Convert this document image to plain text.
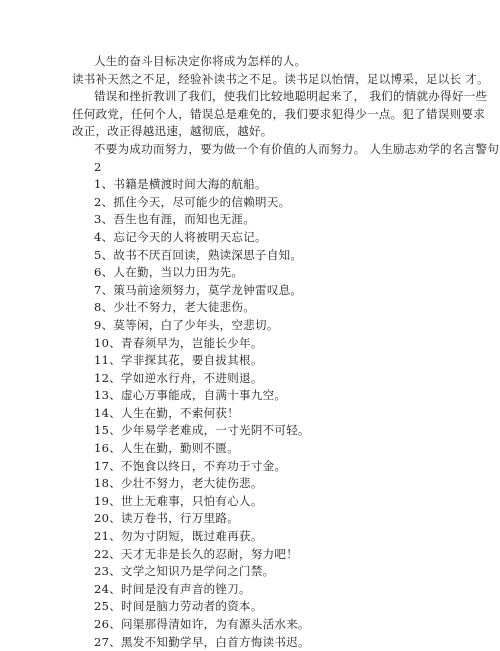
人生的奋斗目标决定你将成为怎样的人。
读书补天然之不足，经验补读书之不足。读书足以怡情，足以博采，足以长 才。
错误和挫折教训了我们，使我们比较地聪明起来了， 我们的情就办得好一些
任何政党，任何个人，错误总是难免的，我们要求犯得少一点。犯了错误则要求
改正，改正得越迅速，越彻底，越好。
不要为成功而努力，要为做一个有价值的人而努力。 人生励志劝学的名言警句
2
1、书籍是横渡时间大海的航船。
2、抓住今天，尽可能少的信赖明天。
3、吾生也有涯，而知也无涯。
4、忘记今天的人将被明天忘记。
5、故书不厌百回读，熟读深思子自知。
6、人在勤，当以力田为先。
7、策马前途须努力，莫学龙钟雷叹息。
8、少壮不努力，老大徒悲伤。
9、莫等闲，白了少年头，空悲切。
10、青春须早为，岂能长少年。
11、学非探其花，要自拔其根。
12、学如逆水行舟，不进则退。
13、虚心万事能成，自满十事九空。
14、人生在勤，不索何获！
15、少年易学老难成，一寸光阴不可轻。
16、人生在勤，勤则不匮。
17、不饱食以终日，不弃功于寸金。
18、少壮不努力，老大徒伤悲。
19、世上无难事，只怕有心人。
20、读万卷书，行万里路。
21、勿为寸阴短，既过难再获。
22、天才无非是长久的忍耐，努力吧！
23、文学之知识乃是学问之门禁。
24、时间是没有声音的锉刀。
25、时间是脑力劳动者的资本。
26、问渠那得清如许，为有源头活水来。
27、黑发不知勤学早，白首方悔读书迟。
